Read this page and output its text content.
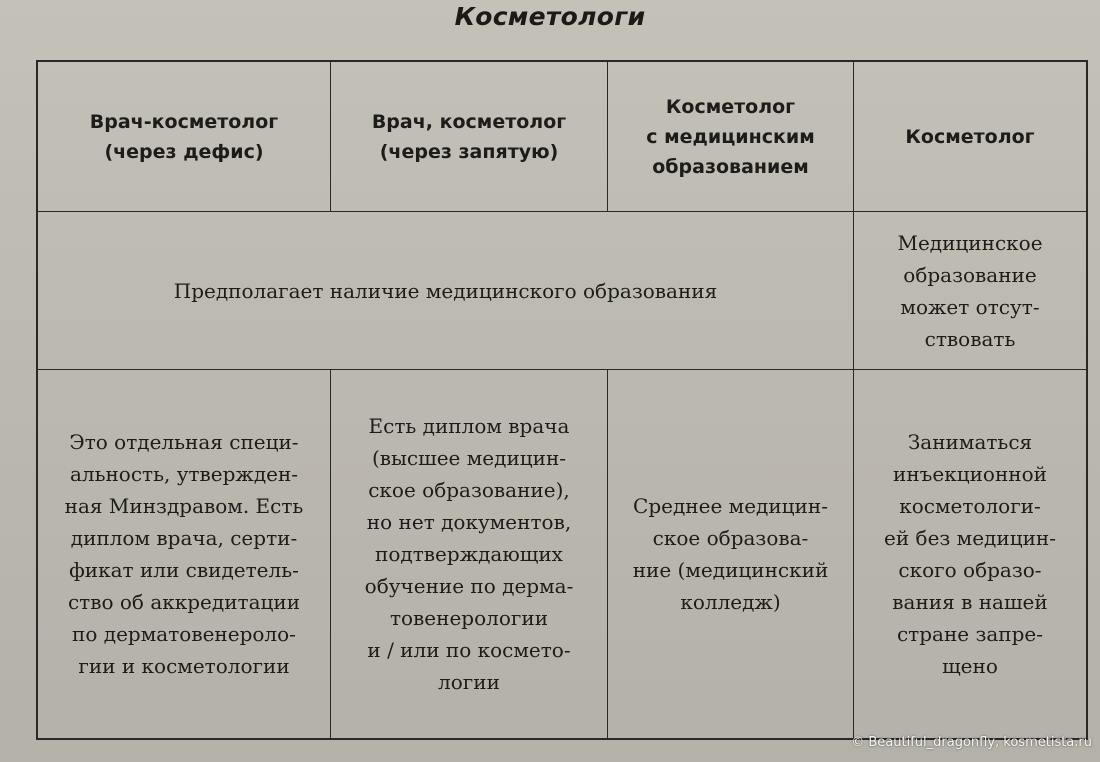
Косметологи
Врач-косметолог
(через дефис)
Врач, косметолог
(через запятую)
Косметолог
с медицинским
образованием
Косметолог
Предполагает наличие медицинского образования
Медицинское
образование
может отсут-
ствовать
Это отдельная специ-
альность, утвержден-
ная Минздравом. Есть
диплом врача, серти-
фикат или свидетель-
ство об аккредитации
по дерматовенероло-
гии и косметологии
Есть диплом врача
(высшее медицин-
ское образование),
но нет документов,
подтверждающих
обучение по дерма-
товенерологии
и / или по космето-
логии
Среднее медицин-
ское образова-
ние (медицинский
колледж)
Заниматься
инъекционной
косметологи-
ей без медицин-
ского образо-
вания в нашей
стране запре-
щено
© Beautiful_dragonfly, kosmetista.ru
